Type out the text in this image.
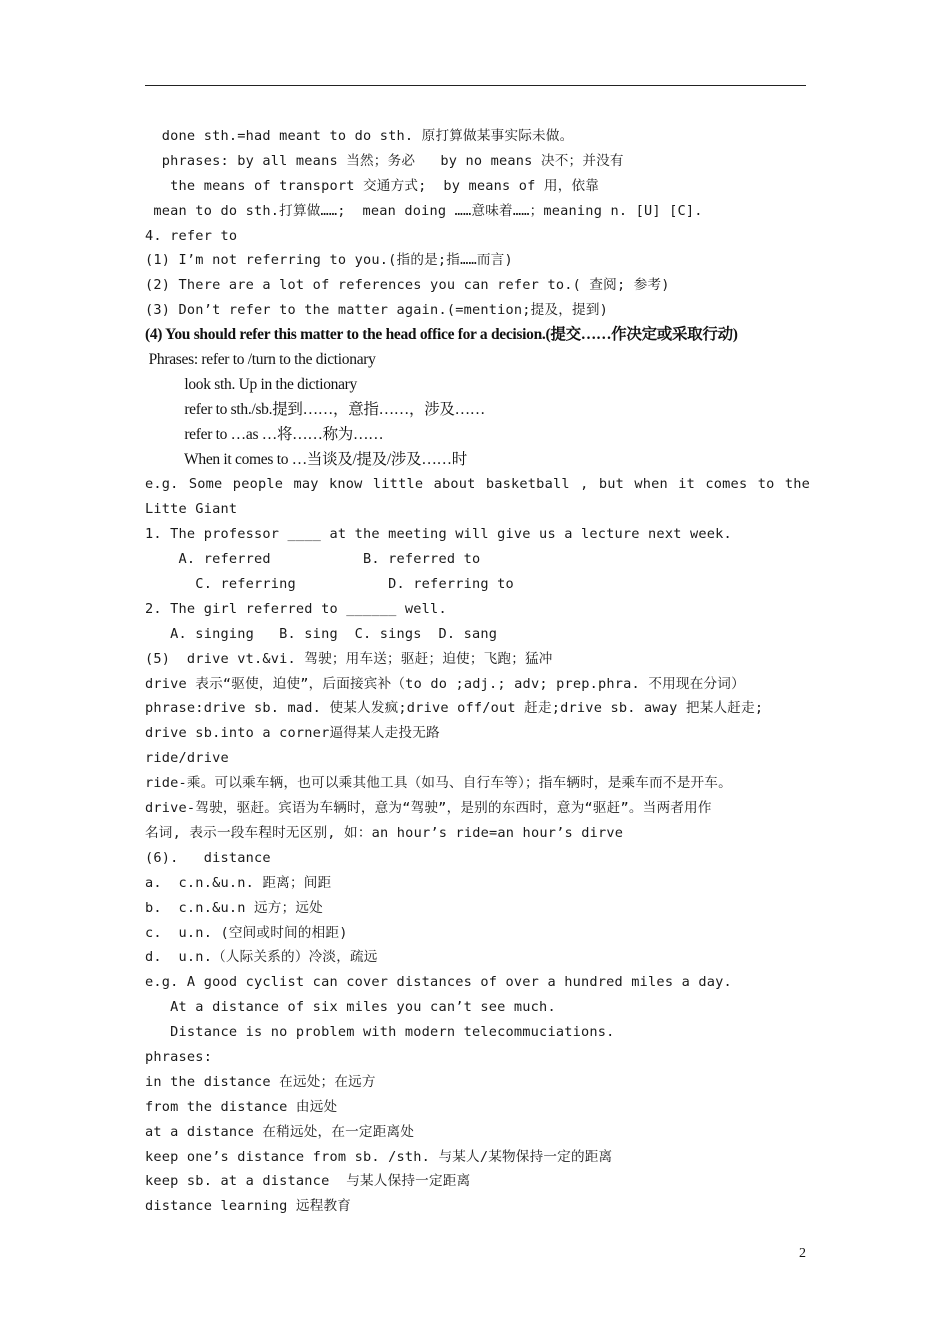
done sth.=had meant to do sth. 原打算做某事实际未做。
phrases: by all means 当然；务必   by no means 决不；并没有
the means of transport 交通方式;  by means of 用，依靠
mean to do sth.打算做……;  mean doing ……意味着……；meaning n. [U] [C].
4. refer to
(1) I’m not referring to you.(指的是;指……而言)
(2) There are a lot of references you can refer to.( 查阅; 参考)
(3) Don’t refer to the matter again.(=mention;提及，提到)
(4) You should refer this matter to the head office for a decision.(提交……作决定或采取行动)
Phrases: refer to /turn to the dictionary
look sth. Up in the dictionary
refer to sth./sb.提到……，意指……，涉及……
refer to …as …将……称为……
When it comes to …当谈及/提及/涉及……时
e.g. Some people may know little about basketball , but when it comes to the
Litte Giant
1. The professor ____ at the meeting will give us a lecture next week.
A. referred           B. referred to
C. referring           D. referring to
2. The girl referred to ______ well.
A. singing   B. sing  C. sings  D. sang
(5)  drive vt.&vi. 驾驶；用车送；驱赶；迫使；飞跑；猛冲
drive 表示“驱使，迫使”，后面接宾补（to do ;adj.; adv; prep.phra. 不用现在分词）
phrase:drive sb. mad. 使某人发疯;drive off/out 赶走;drive sb. away 把某人赶走;
drive sb.into a corner逼得某人走投无路
ride/drive
ride-乘。可以乘车辆，也可以乘其他工具（如马、自行车等）；指车辆时，是乘车而不是开车。
drive-驾驶，驱赶。宾语为车辆时，意为“驾驶”，是别的东西时，意为“驱赶”。当两者用作
名词, 表示一段车程时无区别, 如：an hour’s ride=an hour’s dirve
(6).   distance
a.  c.n.&u.n. 距离；间距
b.  c.n.&u.n 远方；远处
c.  u.n. (空间或时间的相距)
d.  u.n.（人际关系的）冷淡，疏远
e.g. A good cyclist can cover distances of over a hundred miles a day.
At a distance of six miles you can’t see much.
Distance is no problem with modern telecommuciations.
phrases:
in the distance 在远处；在远方
from the distance 由远处
at a distance 在稍远处，在一定距离处
keep one’s distance from sb. /sth. 与某人/某物保持一定的距离
keep sb. at a distance  与某人保持一定距离
distance learning 远程教育
2
